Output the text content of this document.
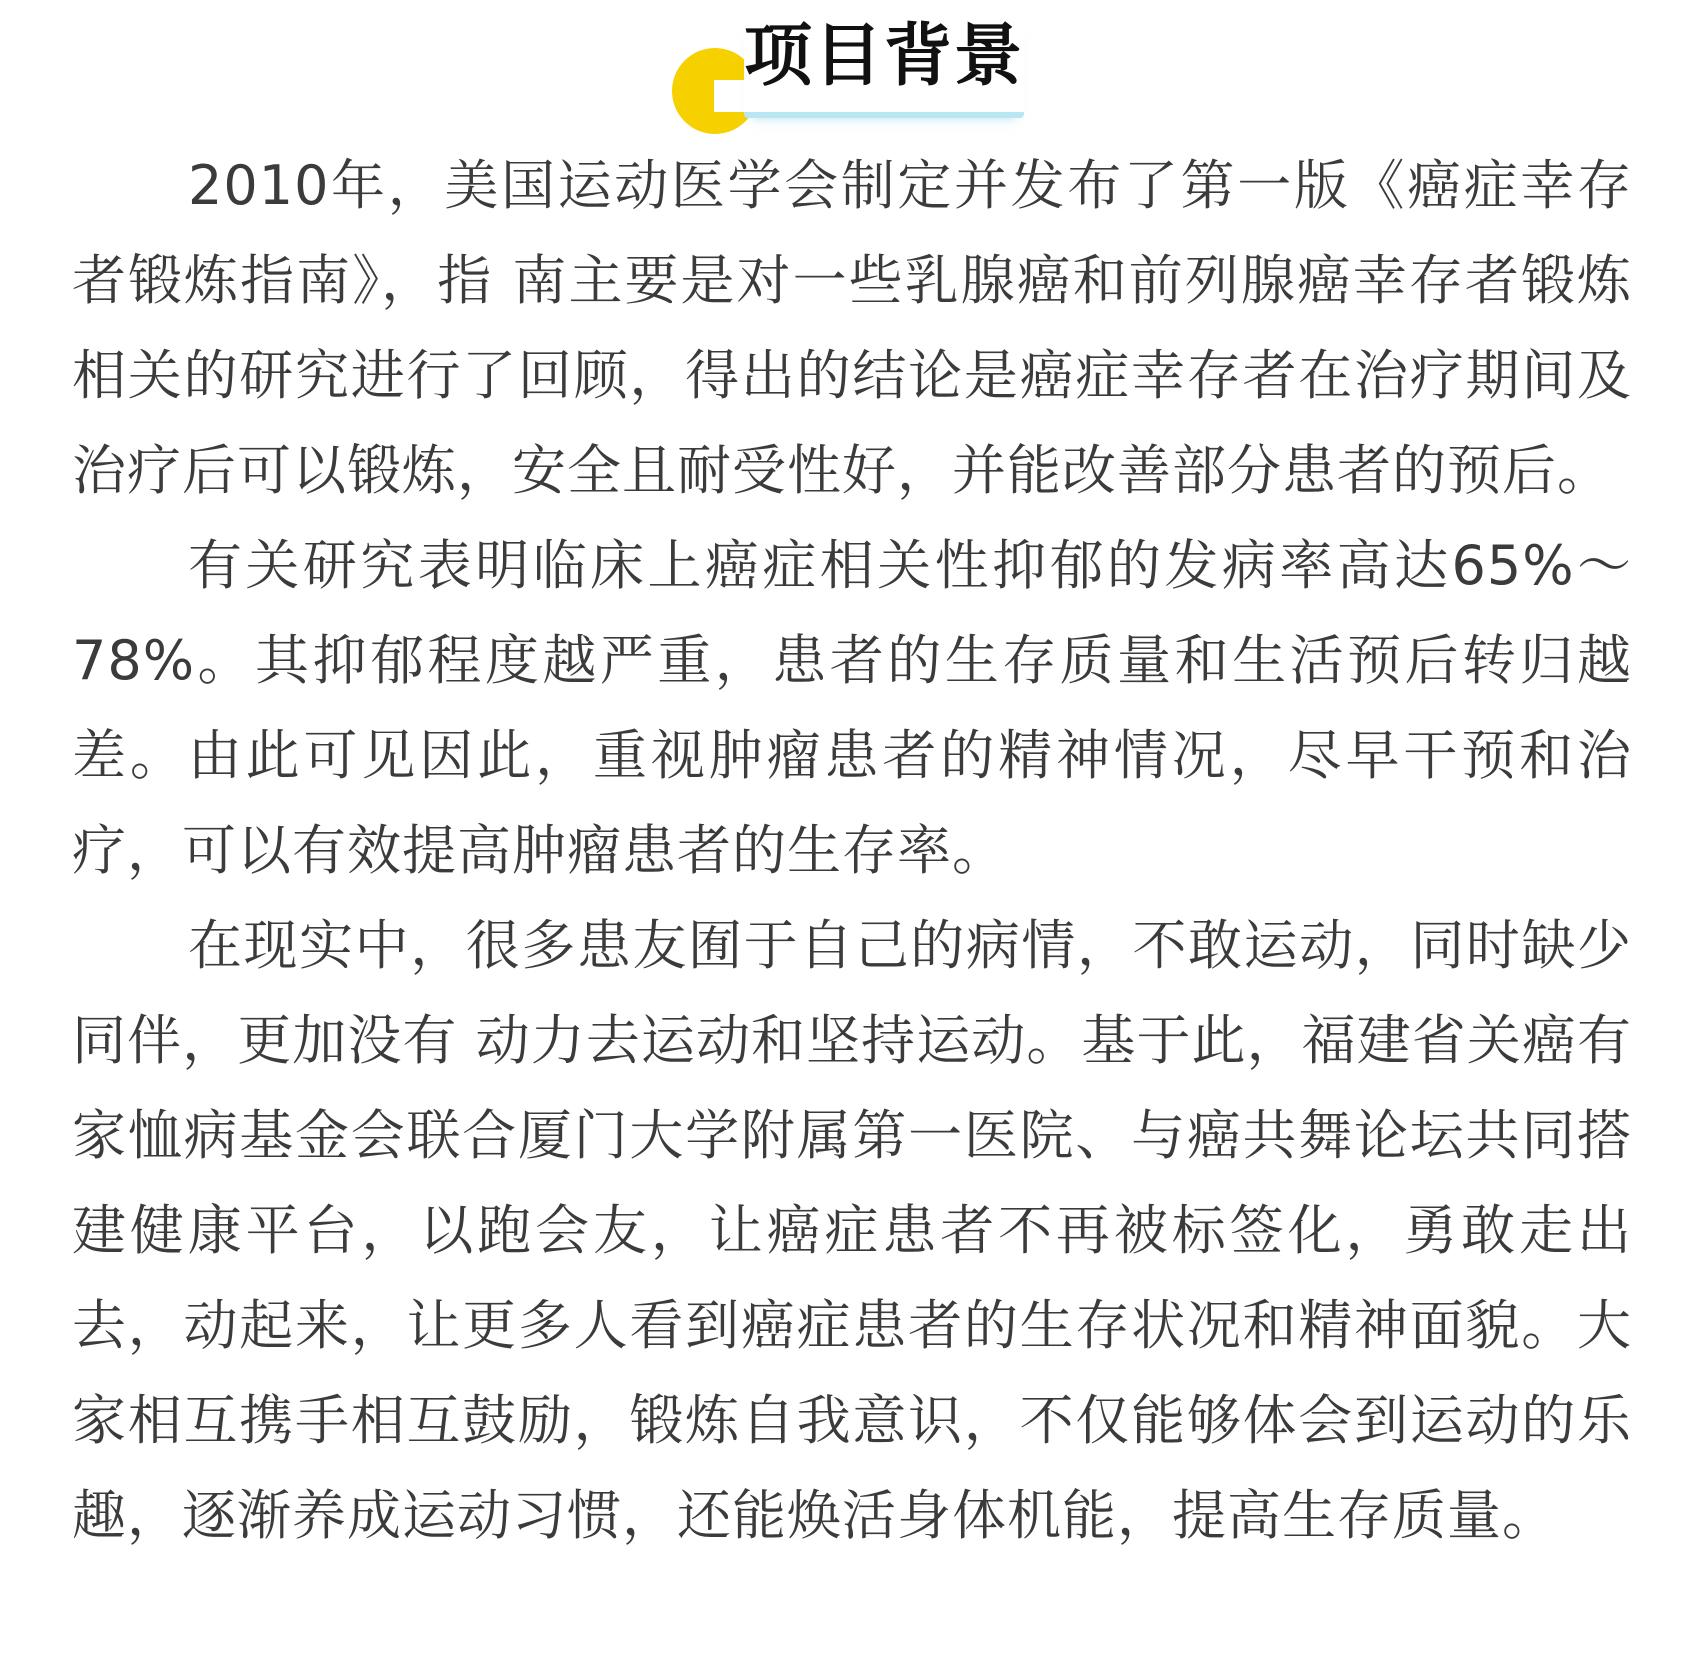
项目背景

2010年，美国运动医学会制定并发布了第一版《癌症幸存者锻炼指南》，指 南主要是对一些乳腺癌和前列腺癌幸存者锻炼相关的研究进行了回顾，得出的结论是癌症幸存者在治疗期间及治疗后可以锻炼，安全且耐受性好，并能改善部分患者的预后。

有关研究表明临床上癌症相关性抑郁的发病率高达65%～78%。其抑郁程度越严重，患者的生存质量和生活预后转归越差。由此可见因此，重视肿瘤患者的精神情况，尽早干预和治疗，可以有效提高肿瘤患者的生存率。

在现实中，很多患友囿于自己的病情，不敢运动，同时缺少同伴，更加没有 动力去运动和坚持运动。基于此，福建省关癌有家恤病基金会联合厦门大学附属第一医院、与癌共舞论坛共同搭建健康平台，以跑会友，让癌症患者不再被标签化，勇敢走出去，动起来，让更多人看到癌症患者的生存状况和精神面貌。大家相互携手相互鼓励，锻炼自我意识，不仅能够体会到运动的乐趣，逐渐养成运动习惯，还能焕活身体机能，提高生存质量。
